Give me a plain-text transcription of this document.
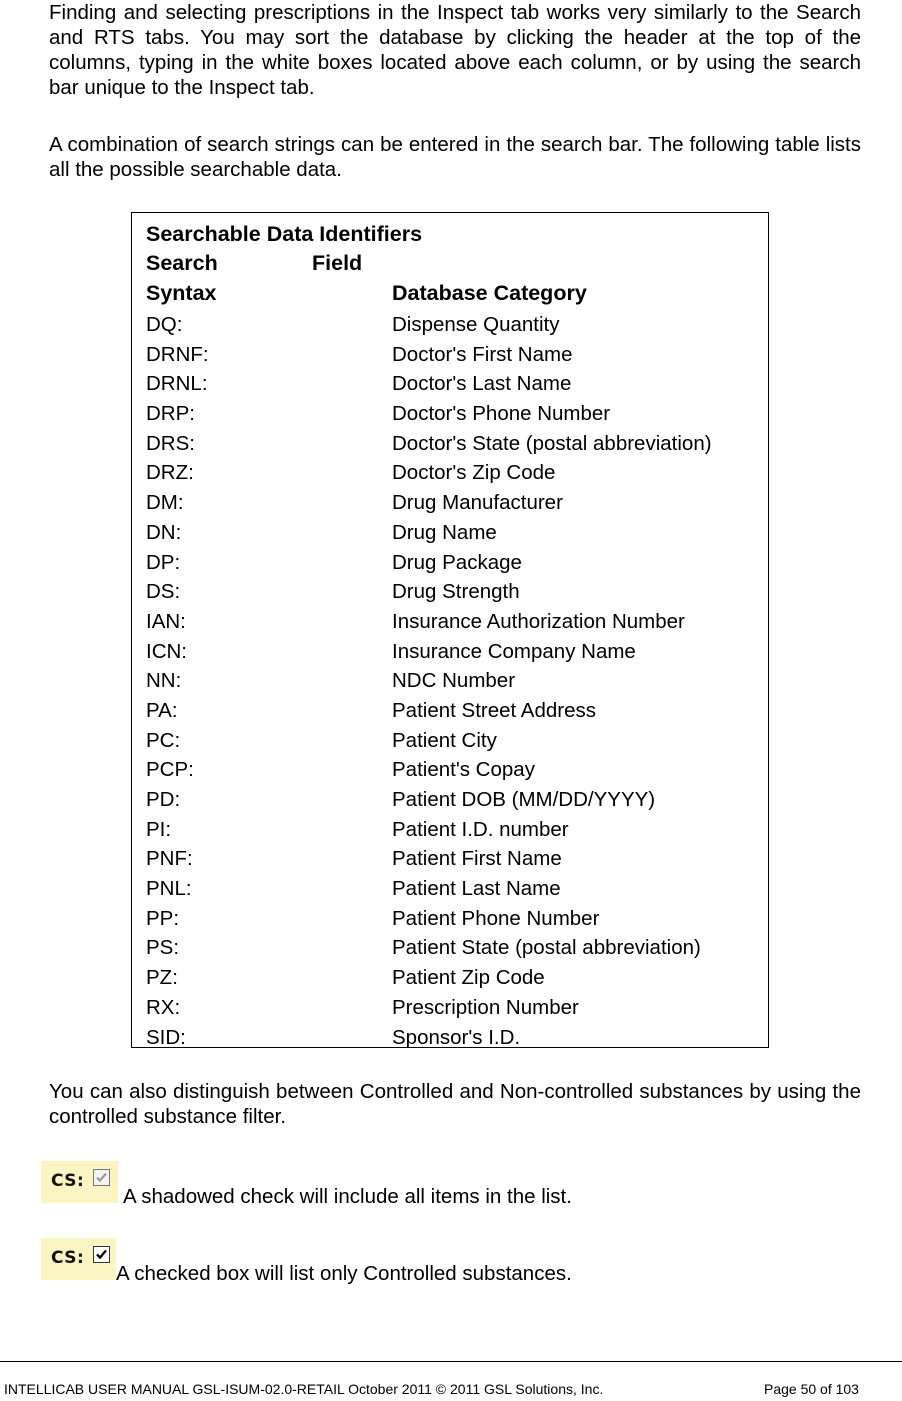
Finding and selecting prescriptions in the Inspect tab works very similarly to the Search and RTS tabs. You may sort the database by clicking the header at the top of the columns, typing in the white boxes located above each column, or by using the search bar unique to the Inspect tab.

A combination of search strings can be entered in the search bar. The following table lists all the possible searchable data.

Searchable Data Identifiers
Search	Field
Syntax	Database Category
DQ:	Dispense Quantity
DRNF:	Doctor's First Name
DRNL:	Doctor's Last Name
DRP:	Doctor's Phone Number
DRS:	Doctor's State (postal abbreviation)
DRZ:	Doctor's Zip Code
DM:	Drug Manufacturer
DN:	Drug Name
DP:	Drug Package
DS:	Drug Strength
IAN:	Insurance Authorization Number
ICN:	Insurance Company Name
NN:	NDC Number
PA:	Patient Street Address
PC:	Patient City
PCP:	Patient's Copay
PD:	Patient DOB (MM/DD/YYYY)
PI:	Patient I.D. number
PNF:	Patient First Name
PNL:	Patient Last Name
PP:	Patient Phone Number
PS:	Patient State (postal abbreviation)
PZ:	Patient Zip Code
RX:	Prescription Number
SID:	Sponsor's I.D.

You can also distinguish between Controlled and Non-controlled substances by using the controlled substance filter.

CS:
A shadowed check will include all items in the list.
CS:
A checked box will list only Controlled substances.
INTELLICAB USER MANUAL GSL-ISUM-02.0-RETAIL October 2011 © 2011 GSL Solutions, Inc.	Page 50 of 103
